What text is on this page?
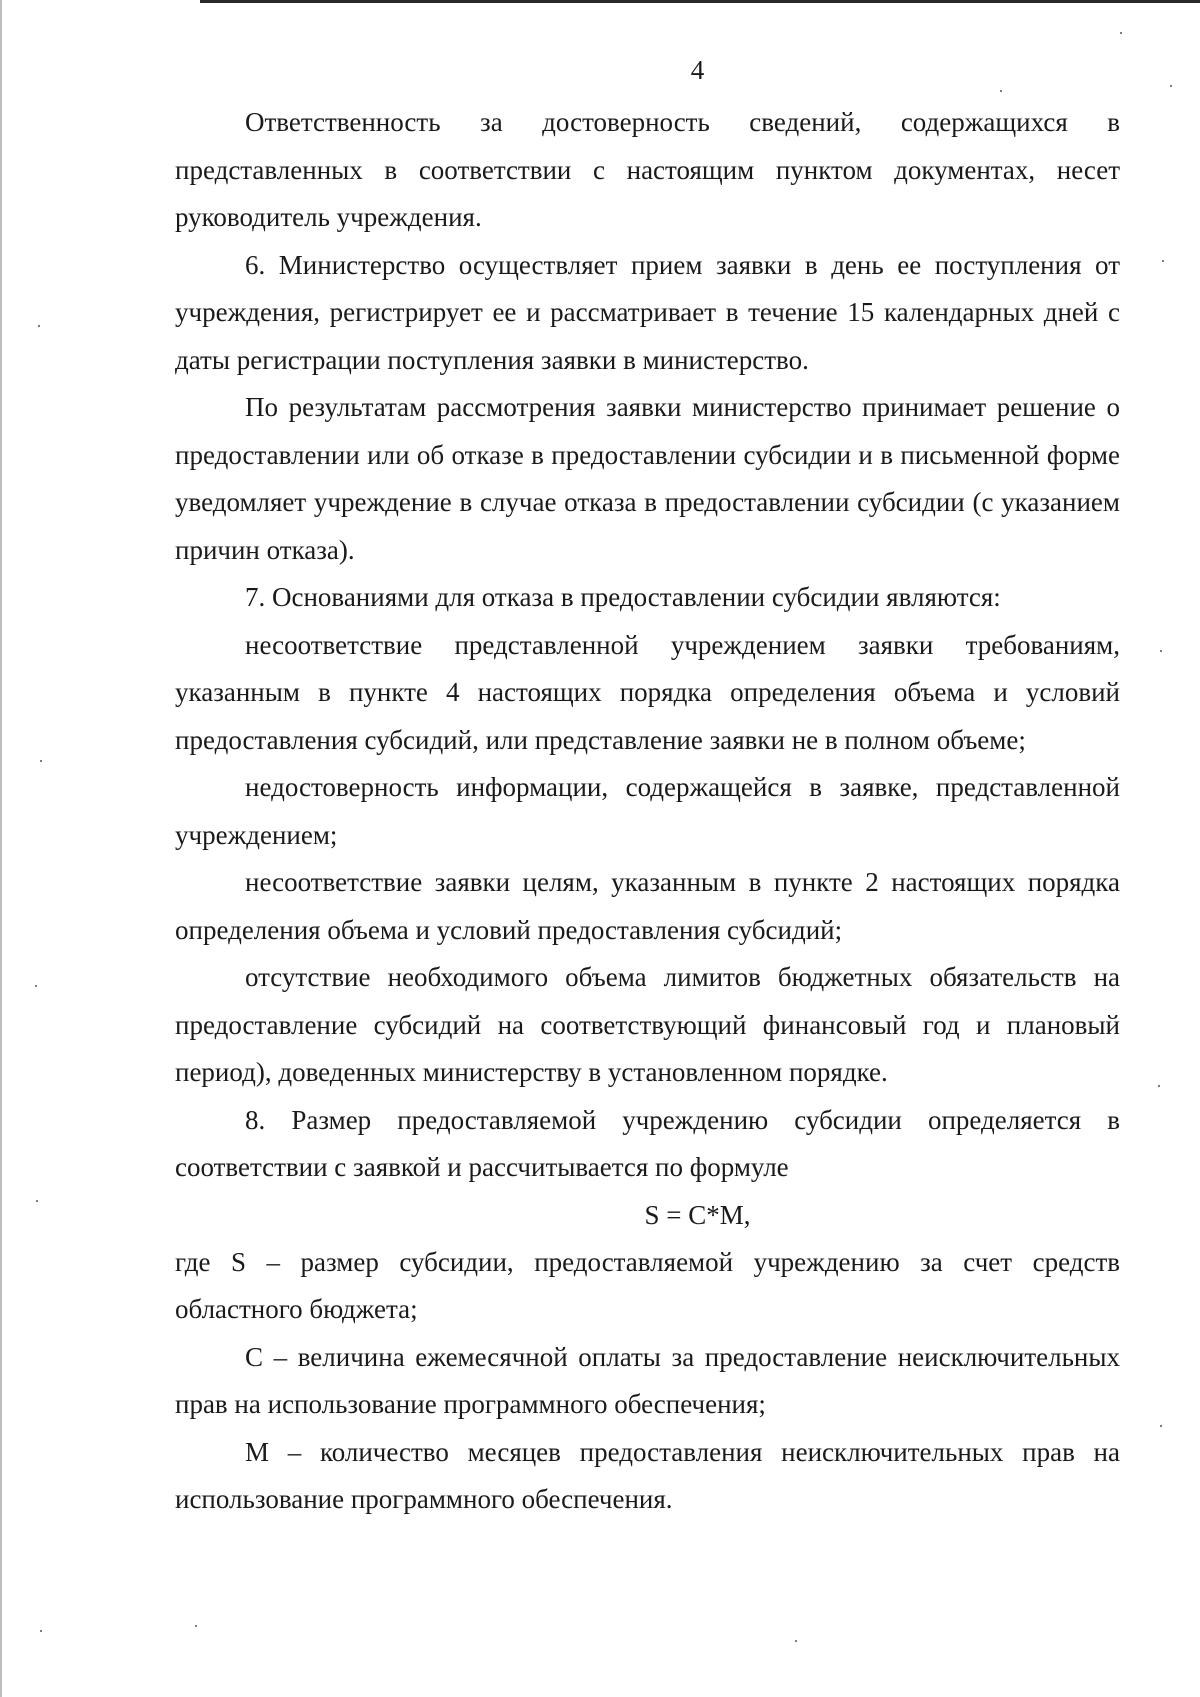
4

Ответственность за достоверность сведений, содержащихся в представленных в соответствии с настоящим пунктом документах, несет руководитель учреждения.

6. Министерство осуществляет прием заявки в день ее поступления от учреждения, регистрирует ее и рассматривает в течение 15 календарных дней с даты регистрации поступления заявки в министерство.

По результатам рассмотрения заявки министерство принимает решение о предоставлении или об отказе в предоставлении субсидии и в письменной форме уведомляет учреждение в случае отказа в предоставлении субсидии (с указанием причин отказа).

7. Основаниями для отказа в предоставлении субсидии являются:

несоответствие представленной учреждением заявки требованиям, указанным в пункте 4 настоящих порядка определения объема и условий предоставления субсидий, или представление заявки не в полном объеме;

недостоверность информации, содержащейся в заявке, представленной учреждением;

несоответствие заявки целям, указанным в пункте 2 настоящих порядка определения объема и условий предоставления субсидий;

отсутствие необходимого объема лимитов бюджетных обязательств на предоставление субсидий на соответствующий финансовый год и плановый период), доведенных министерству в установленном порядке.

8. Размер предоставляемой учреждению субсидии определяется в соответствии с заявкой и рассчитывается по формуле

S = C*M,

где S – размер субсидии, предоставляемой учреждению за счет средств областного бюджета;

С – величина ежемесячной оплаты за предоставление неисключительных прав на использование программного обеспечения;

М – количество месяцев предоставления неисключительных прав на использование программного обеспечения.
